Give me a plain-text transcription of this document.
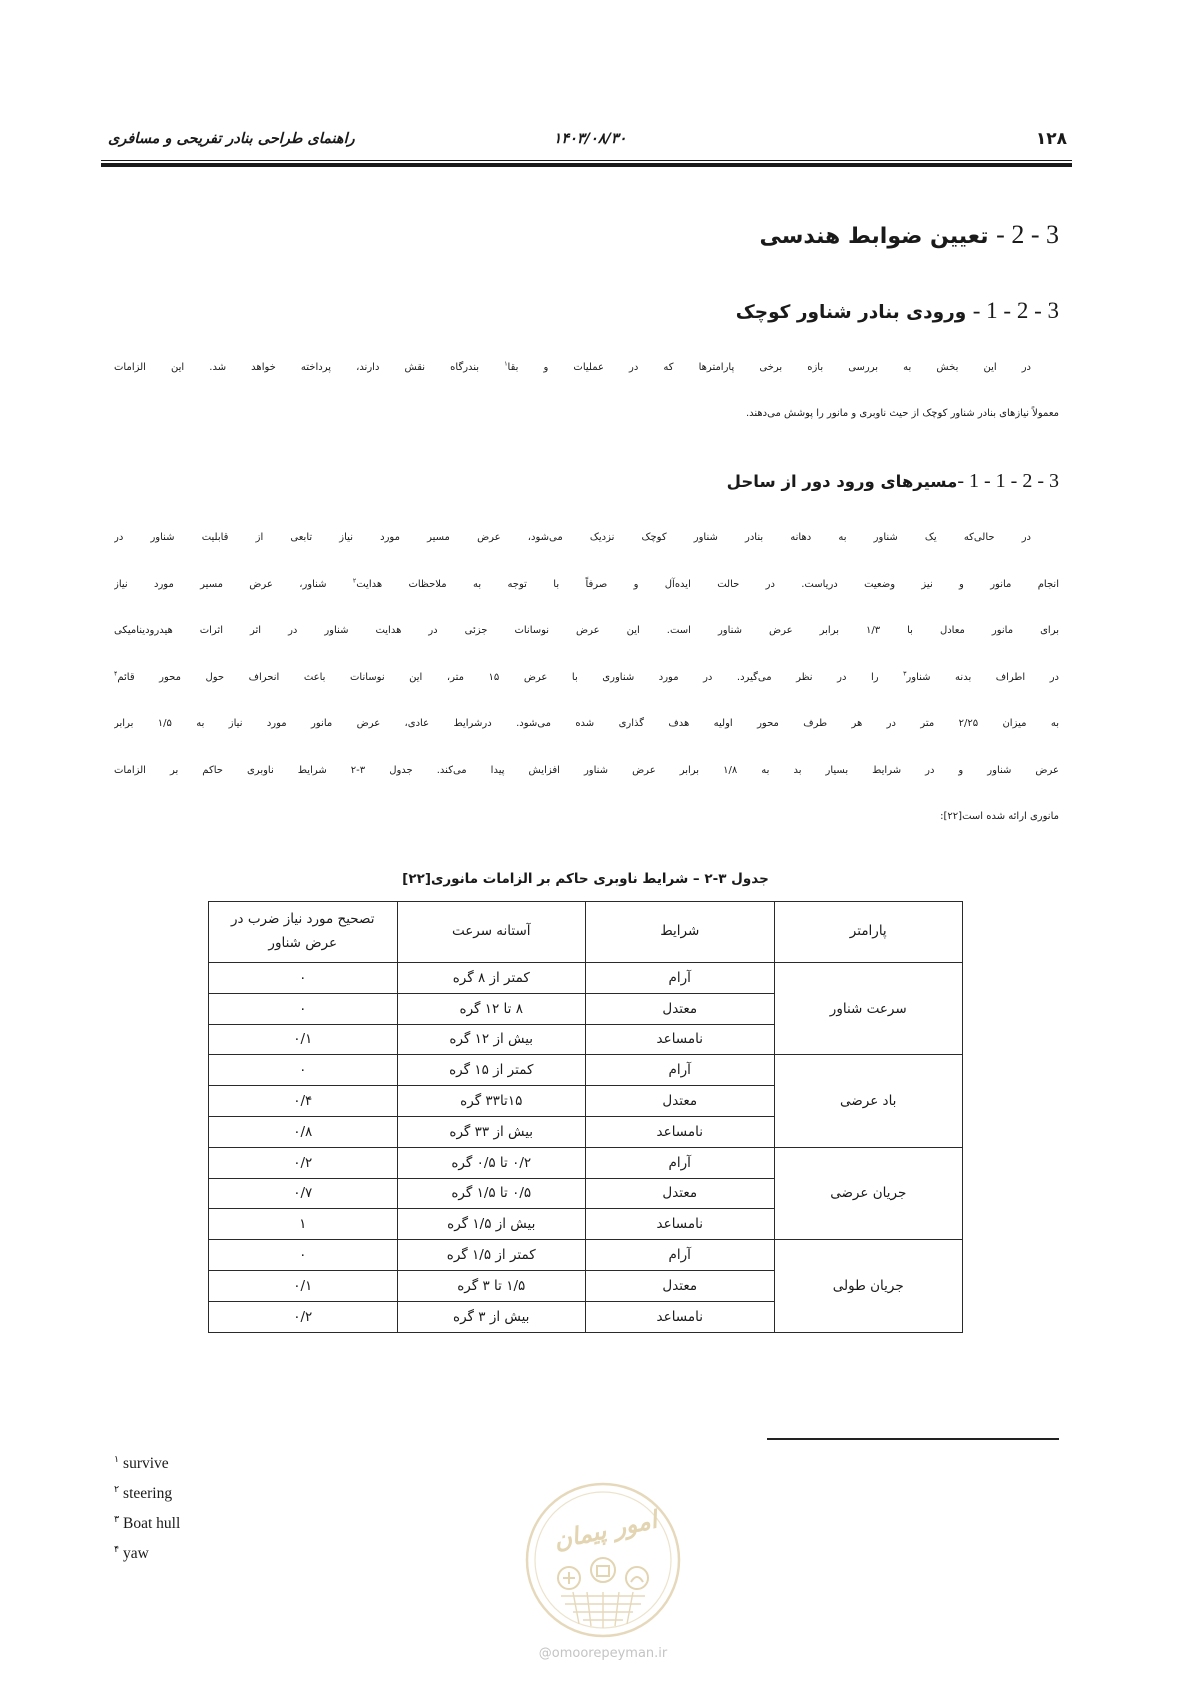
راهنمای طراحی بنادر تفریحی و مسافری	۱۴۰۳/۰۸/۳۰	۱۲۸
3 - 2 - تعیین ضوابط هندسی
3 - 2 - 1 - ورودی بنادر شناور کوچک
در این بخش به بررسی بازه برخی پارامترها که در عملیات و بقا$^۱$ بندرگاه نقش دارند، پرداخته خواهد شد. این الزامات
معمولاً نیازهای بنادر شناور کوچک از حیث ناوبری و مانور را پوشش می‌دهند.
3 - 2 - 1 - 1 -مسیرهای ورود دور از ساحل
در حالی‌که یک شناور به دهانه بنادر شناور کوچک نزدیک می‌شود، عرض مسیر مورد نیاز تابعی از قابلیت شناور در
انجام مانور و نیز وضعیت دریاست. در حالت ایده‌آل و صرفاً با توجه به ملاحظات هدایت$^۲$ شناور، عرض مسیر مورد نیاز
برای مانور معادل با ۱/۳ برابر عرض شناور است. این عرض نوسانات جزئی در هدایت شناور در اثر اثرات هیدرودینامیکی
در اطراف بدنه شناور$^۳$ را در نظر می‌گیرد. در مورد شناوری با عرض ۱۵ متر، این نوسانات باعث انحراف حول محور قائم$^۴$
به میزان ۲/۲۵ متر در هر طرف محور اولیه هدف گذاری شده می‌شود. درشرایط عادی، عرض مانور مورد نیاز به ۱/۵ برابر
عرض شناور و در شرایط بسیار بد به ۱/۸ برابر عرض شناور افزایش پیدا می‌کند. جدول ۳-۲ شرایط ناوبری حاکم بر الزامات
مانوری ارائه شده است[۲۲]:
جدول ۳-۲ – شرایط ناوبری حاکم بر الزامات مانوری[۲۲]
پارامتر	شرایط	آستانه سرعت	تصحیح مورد نیاز ضرب در عرض شناور
سرعت شناور	آرام	کمتر از ۸ گره	۰
	معتدل	۸ تا ۱۲ گره	۰
	نامساعد	بیش از ۱۲ گره	۰/۱
باد عرضی	آرام	کمتر از ۱۵ گره	۰
	معتدل	۱۵تا۳۳ گره	۰/۴
	نامساعد	بیش از ۳۳ گره	۰/۸
جریان عرضی	آرام	۰/۲ تا ۰/۵ گره	۰/۲
	معتدل	۰/۵ تا ۱/۵ گره	۰/۷
	نامساعد	بیش از ۱/۵ گره	۱
جریان طولی	آرام	کمتر از ۱/۵ گره	۰
	معتدل	۱/۵ تا ۳ گره	۰/۱
	نامساعد	بیش از ۳ گره	۰/۲
$^۱$ survive
$^۲$ steering
$^۳$ Boat hull
$^۴$ yaw	امور پیمان
@omoorepeyman.ir
